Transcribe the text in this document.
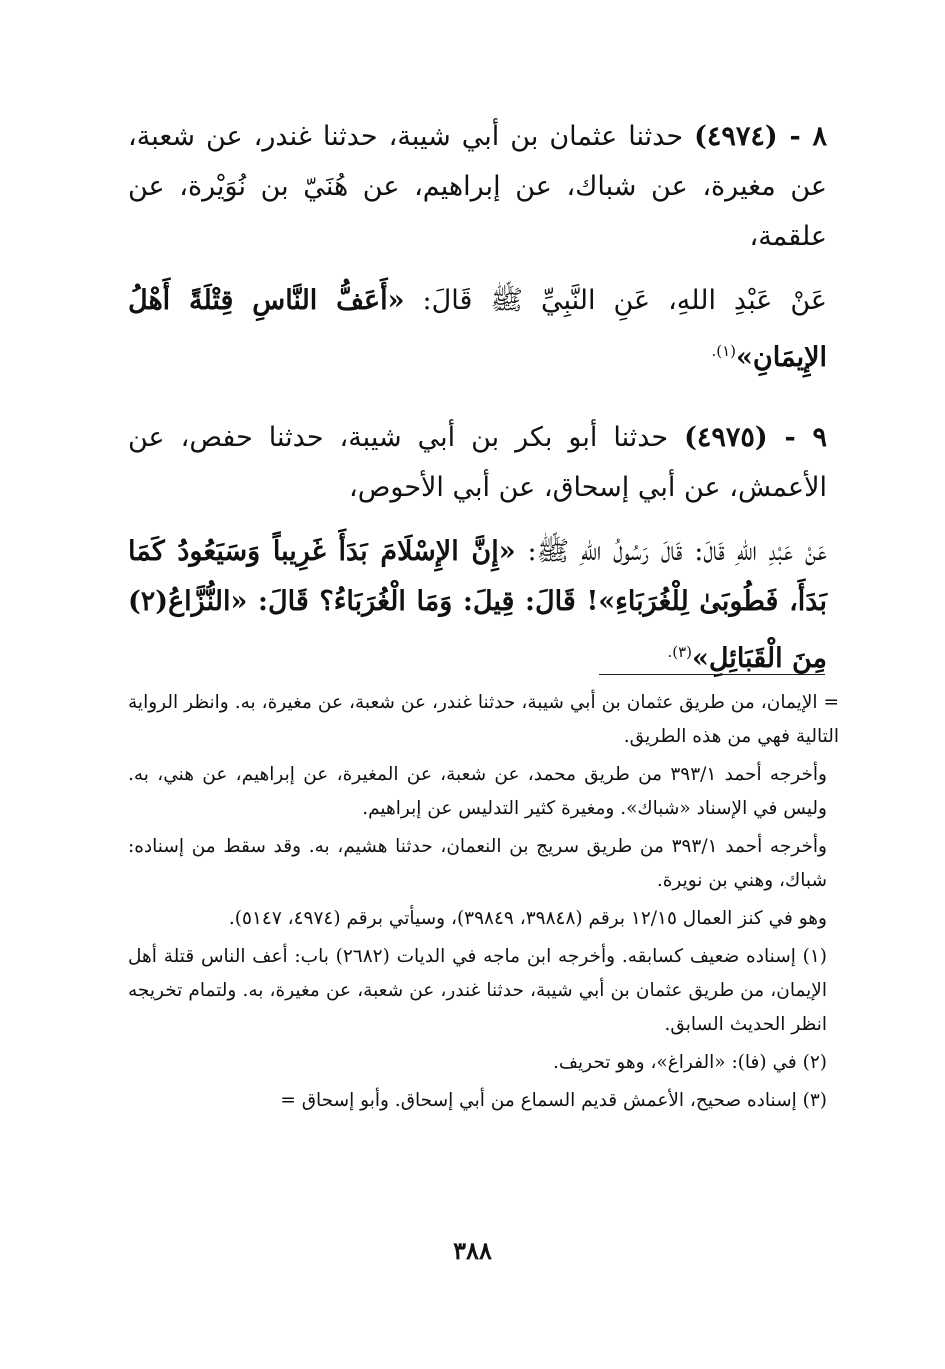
٨ - (٤٩٧٤) حدثنا عثمان بن أبي شيبة، حدثنا غندر، عن شعبة، عن مغيرة، عن شباك، عن إبراهيم، عن هُنَيّ بن نُوَيْرة، عن علقمة،

عَنْ عَبْدِ اللهِ، عَنِ النَّبِيِّ ﷺ قَالَ: «أَعَفُّ النَّاسِ قِتْلَةً أَهْلُ الإِيمَانِ»$^{(١).}$

٩ - (٤٩٧٥) حدثنا أبو بكر بن أبي شيبة، حدثنا حفص، عن الأعمش، عن أبي إسحاق، عن أبي الأحوص،

عَنْ عَبْدِ اللهِ قَالَ: قَالَ رَسُولُ اللهِ ﷺ: «إِنَّ الإِسْلَامَ بَدَأَ غَرِيباً وَسَيَعُودُ كَمَا بَدَأَ، فَطُوبَىٰ لِلْغُرَبَاءِ»! قَالَ: قِيلَ: وَمَا الْغُرَبَاءُ؟ قَالَ: «النُّزَّاعُ(٢) مِنَ الْقَبَائِلِ»$^{(٣).}$

= الإيمان، من طريق عثمان بن أبي شيبة، حدثنا غندر، عن شعبة، عن مغيرة، به. وانظر الرواية التالية فهي من هذه الطريق.

وأخرجه أحمد ٣٩٣/١ من طريق محمد، عن شعبة، عن المغيرة، عن إبراهيم، عن هني، به. وليس في الإسناد «شباك». ومغيرة كثير التدليس عن إبراهيم.

وأخرجه أحمد ٣٩٣/١ من طريق سريج بن النعمان، حدثنا هشيم، به. وقد سقط من إسناده: شباك، وهني بن نويرة.

وهو في كنز العمال ١٢/١٥ برقم (٣٩٨٤٨، ٣٩٨٤٩)، وسيأتي برقم (٤٩٧٤، ٥١٤٧).

(١) إسناده ضعيف كسابقه. وأخرجه ابن ماجه في الديات (٢٦٨٢) باب: أعف الناس قتلة أهل الإيمان، من طريق عثمان بن أبي شيبة، حدثنا غندر، عن شعبة، عن مغيرة، به. ولتمام تخريجه انظر الحديث السابق.

(٢) في (فا): «الفراغ»، وهو تحريف.

(٣) إسناده صحيح، الأعمش قديم السماع من أبي إسحاق. وأبو إسحاق =

٣٨٨
